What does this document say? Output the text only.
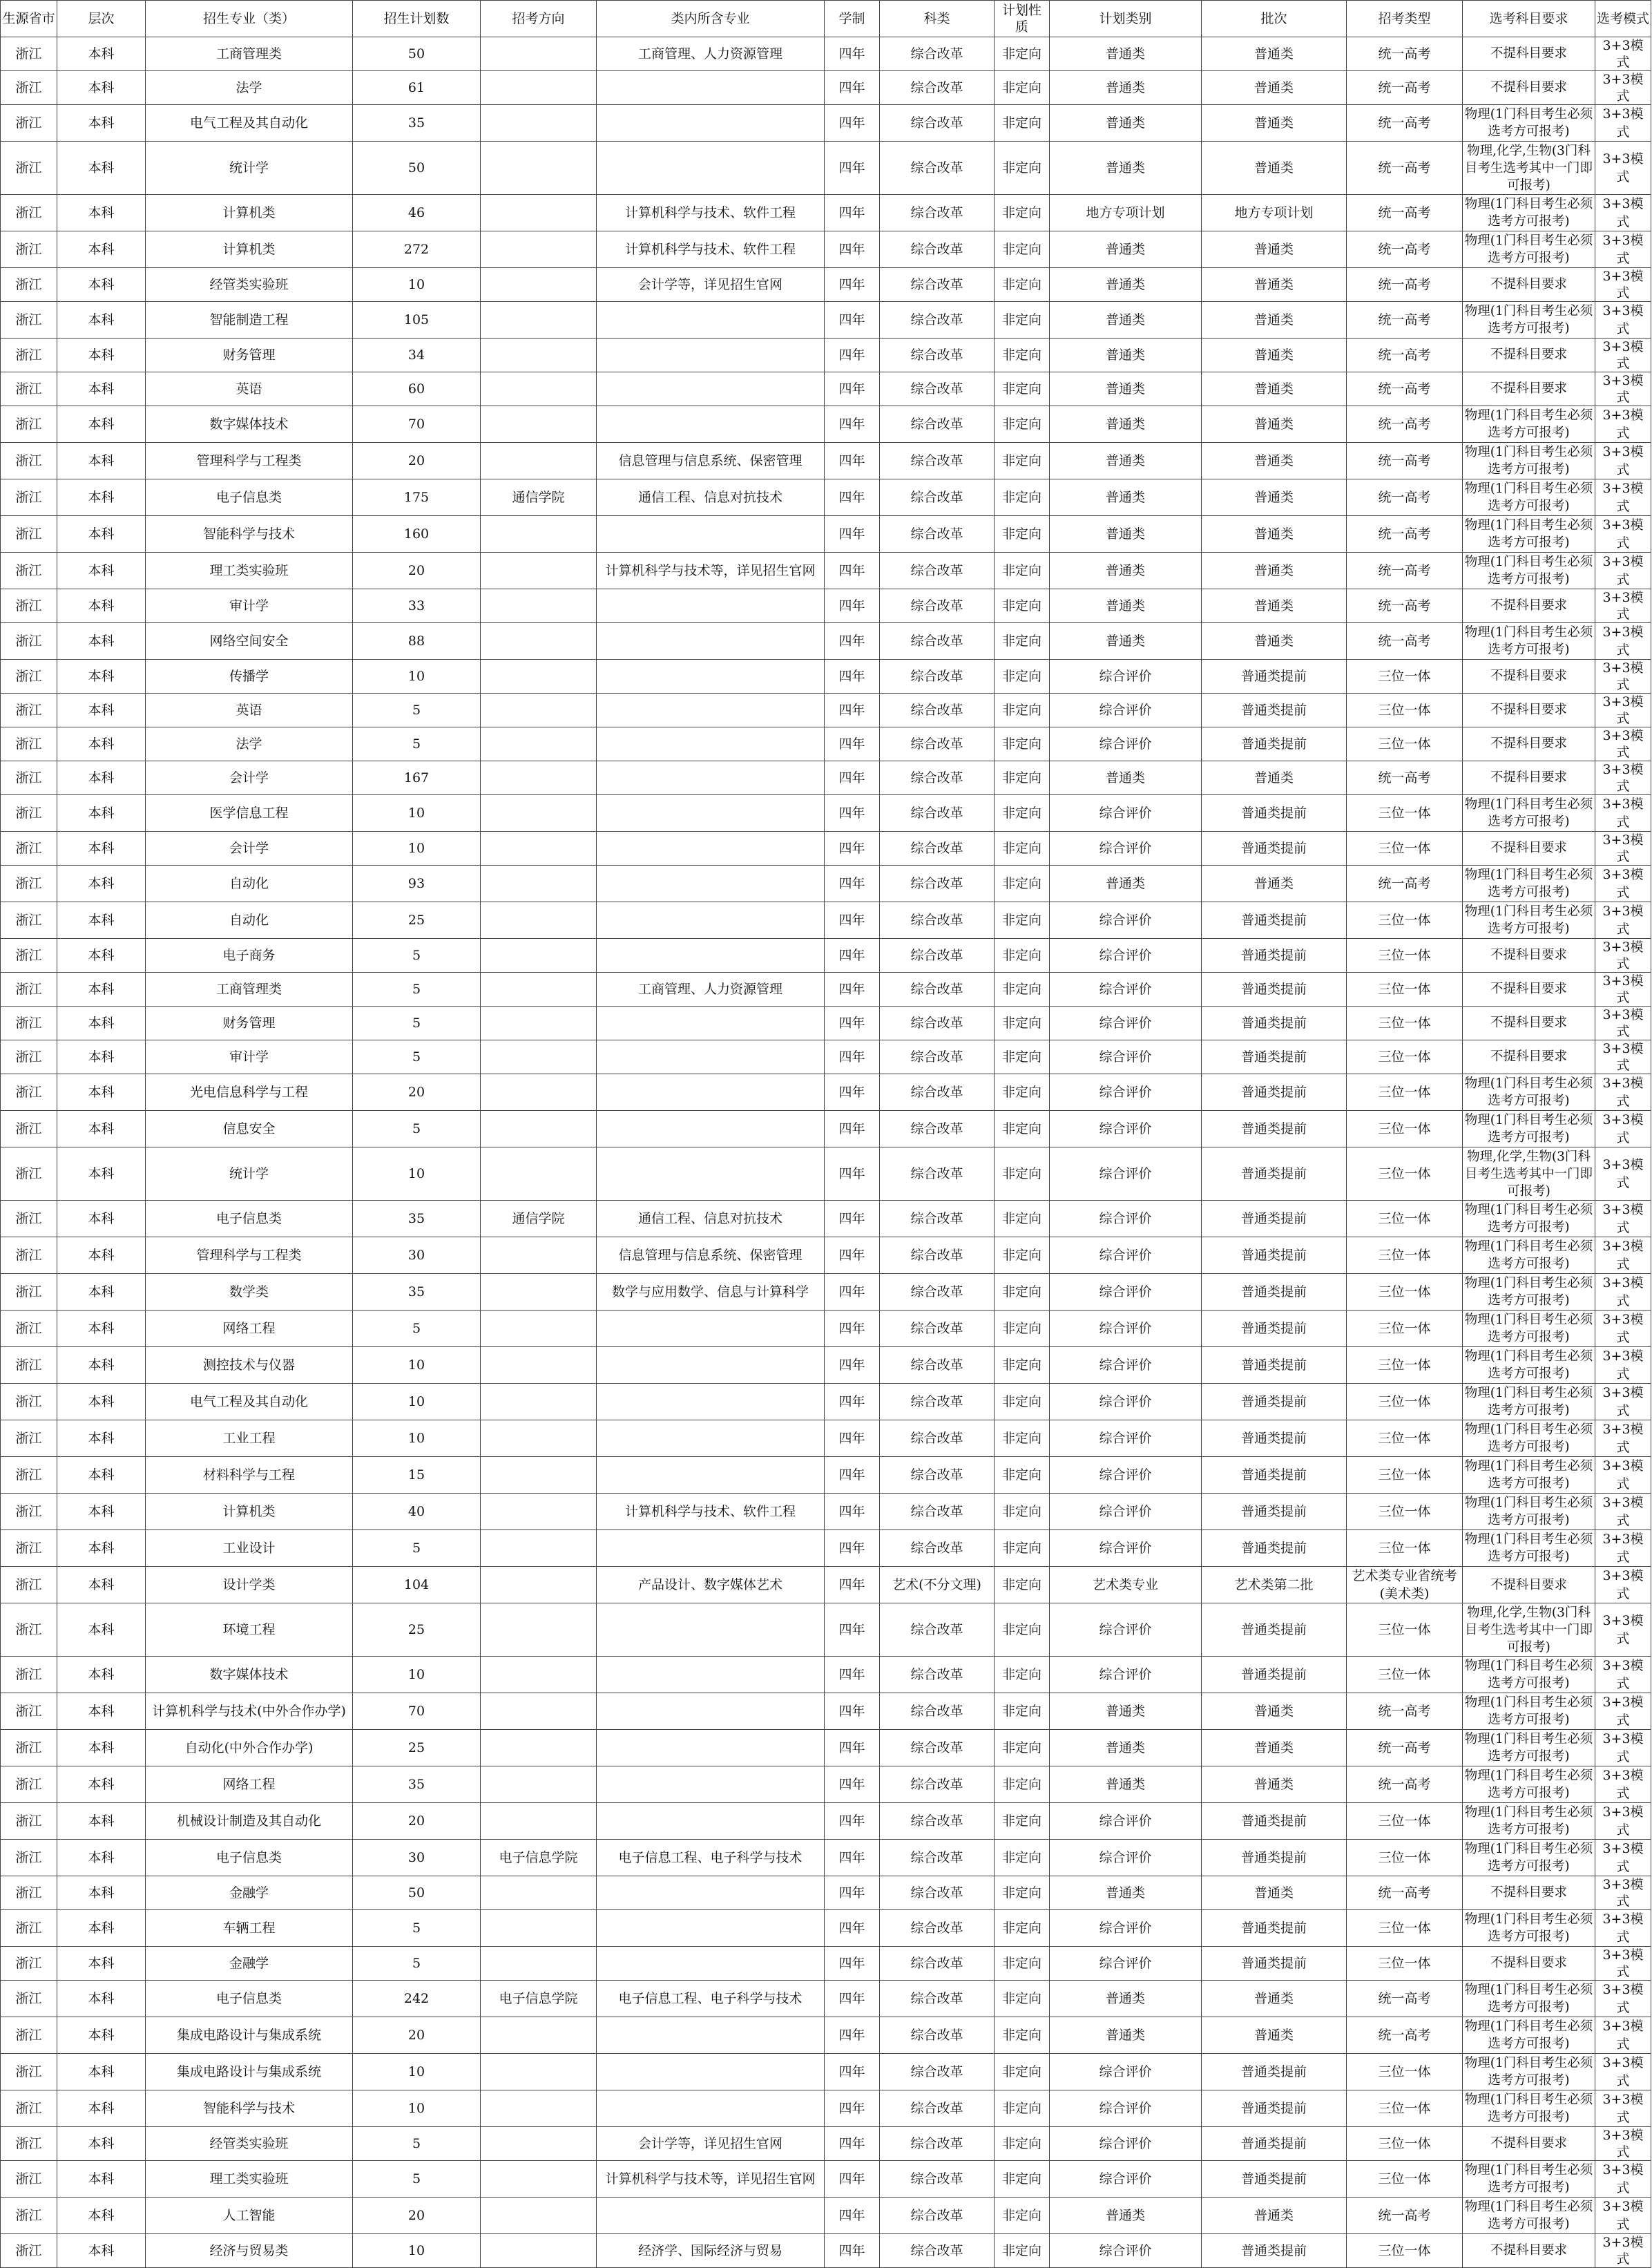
生源省市	层次	招生专业（类）	招生计划数	招考方向	类内所含专业	学制	科类	计划性质	计划类别	批次	招考类型	选考科目要求	选考模式
浙江	本科	工商管理类	50		工商管理、人力资源管理	四年	综合改革	非定向	普通类	普通类	统一高考	不提科目要求	3+3模式
浙江	本科	法学	61			四年	综合改革	非定向	普通类	普通类	统一高考	不提科目要求	3+3模式
浙江	本科	电气工程及其自动化	35			四年	综合改革	非定向	普通类	普通类	统一高考	物理(1门科目考生必须选考方可报考)	3+3模式
浙江	本科	统计学	50			四年	综合改革	非定向	普通类	普通类	统一高考	物理,化学,生物(3门科目考生选考其中一门即可报考)	3+3模式
浙江	本科	计算机类	46		计算机科学与技术、软件工程	四年	综合改革	非定向	地方专项计划	地方专项计划	统一高考	物理(1门科目考生必须选考方可报考)	3+3模式
浙江	本科	计算机类	272		计算机科学与技术、软件工程	四年	综合改革	非定向	普通类	普通类	统一高考	物理(1门科目考生必须选考方可报考)	3+3模式
浙江	本科	经管类实验班	10		会计学等，详见招生官网	四年	综合改革	非定向	普通类	普通类	统一高考	不提科目要求	3+3模式
浙江	本科	智能制造工程	105			四年	综合改革	非定向	普通类	普通类	统一高考	物理(1门科目考生必须选考方可报考)	3+3模式
浙江	本科	财务管理	34			四年	综合改革	非定向	普通类	普通类	统一高考	不提科目要求	3+3模式
浙江	本科	英语	60			四年	综合改革	非定向	普通类	普通类	统一高考	不提科目要求	3+3模式
浙江	本科	数字媒体技术	70			四年	综合改革	非定向	普通类	普通类	统一高考	物理(1门科目考生必须选考方可报考)	3+3模式
浙江	本科	管理科学与工程类	20		信息管理与信息系统、保密管理	四年	综合改革	非定向	普通类	普通类	统一高考	物理(1门科目考生必须选考方可报考)	3+3模式
浙江	本科	电子信息类	175	通信学院	通信工程、信息对抗技术	四年	综合改革	非定向	普通类	普通类	统一高考	物理(1门科目考生必须选考方可报考)	3+3模式
浙江	本科	智能科学与技术	160			四年	综合改革	非定向	普通类	普通类	统一高考	物理(1门科目考生必须选考方可报考)	3+3模式
浙江	本科	理工类实验班	20		计算机科学与技术等，详见招生官网	四年	综合改革	非定向	普通类	普通类	统一高考	物理(1门科目考生必须选考方可报考)	3+3模式
浙江	本科	审计学	33			四年	综合改革	非定向	普通类	普通类	统一高考	不提科目要求	3+3模式
浙江	本科	网络空间安全	88			四年	综合改革	非定向	普通类	普通类	统一高考	物理(1门科目考生必须选考方可报考)	3+3模式
浙江	本科	传播学	10			四年	综合改革	非定向	综合评价	普通类提前	三位一体	不提科目要求	3+3模式
浙江	本科	英语	5			四年	综合改革	非定向	综合评价	普通类提前	三位一体	不提科目要求	3+3模式
浙江	本科	法学	5			四年	综合改革	非定向	综合评价	普通类提前	三位一体	不提科目要求	3+3模式
浙江	本科	会计学	167			四年	综合改革	非定向	普通类	普通类	统一高考	不提科目要求	3+3模式
浙江	本科	医学信息工程	10			四年	综合改革	非定向	综合评价	普通类提前	三位一体	物理(1门科目考生必须选考方可报考)	3+3模式
浙江	本科	会计学	10			四年	综合改革	非定向	综合评价	普通类提前	三位一体	不提科目要求	3+3模式
浙江	本科	自动化	93			四年	综合改革	非定向	普通类	普通类	统一高考	物理(1门科目考生必须选考方可报考)	3+3模式
浙江	本科	自动化	25			四年	综合改革	非定向	综合评价	普通类提前	三位一体	物理(1门科目考生必须选考方可报考)	3+3模式
浙江	本科	电子商务	5			四年	综合改革	非定向	综合评价	普通类提前	三位一体	不提科目要求	3+3模式
浙江	本科	工商管理类	5		工商管理、人力资源管理	四年	综合改革	非定向	综合评价	普通类提前	三位一体	不提科目要求	3+3模式
浙江	本科	财务管理	5			四年	综合改革	非定向	综合评价	普通类提前	三位一体	不提科目要求	3+3模式
浙江	本科	审计学	5			四年	综合改革	非定向	综合评价	普通类提前	三位一体	不提科目要求	3+3模式
浙江	本科	光电信息科学与工程	20			四年	综合改革	非定向	综合评价	普通类提前	三位一体	物理(1门科目考生必须选考方可报考)	3+3模式
浙江	本科	信息安全	5			四年	综合改革	非定向	综合评价	普通类提前	三位一体	物理(1门科目考生必须选考方可报考)	3+3模式
浙江	本科	统计学	10			四年	综合改革	非定向	综合评价	普通类提前	三位一体	物理,化学,生物(3门科目考生选考其中一门即可报考)	3+3模式
浙江	本科	电子信息类	35	通信学院	通信工程、信息对抗技术	四年	综合改革	非定向	综合评价	普通类提前	三位一体	物理(1门科目考生必须选考方可报考)	3+3模式
浙江	本科	管理科学与工程类	30		信息管理与信息系统、保密管理	四年	综合改革	非定向	综合评价	普通类提前	三位一体	物理(1门科目考生必须选考方可报考)	3+3模式
浙江	本科	数学类	35		数学与应用数学、信息与计算科学	四年	综合改革	非定向	综合评价	普通类提前	三位一体	物理(1门科目考生必须选考方可报考)	3+3模式
浙江	本科	网络工程	5			四年	综合改革	非定向	综合评价	普通类提前	三位一体	物理(1门科目考生必须选考方可报考)	3+3模式
浙江	本科	测控技术与仪器	10			四年	综合改革	非定向	综合评价	普通类提前	三位一体	物理(1门科目考生必须选考方可报考)	3+3模式
浙江	本科	电气工程及其自动化	10			四年	综合改革	非定向	综合评价	普通类提前	三位一体	物理(1门科目考生必须选考方可报考)	3+3模式
浙江	本科	工业工程	10			四年	综合改革	非定向	综合评价	普通类提前	三位一体	物理(1门科目考生必须选考方可报考)	3+3模式
浙江	本科	材料科学与工程	15			四年	综合改革	非定向	综合评价	普通类提前	三位一体	物理(1门科目考生必须选考方可报考)	3+3模式
浙江	本科	计算机类	40		计算机科学与技术、软件工程	四年	综合改革	非定向	综合评价	普通类提前	三位一体	物理(1门科目考生必须选考方可报考)	3+3模式
浙江	本科	工业设计	5			四年	综合改革	非定向	综合评价	普通类提前	三位一体	物理(1门科目考生必须选考方可报考)	3+3模式
浙江	本科	设计学类	104		产品设计、数字媒体艺术	四年	艺术(不分文理)	非定向	艺术类专业	艺术类第二批	艺术类专业省统考(美术类)	不提科目要求	3+3模式
浙江	本科	环境工程	25			四年	综合改革	非定向	综合评价	普通类提前	三位一体	物理,化学,生物(3门科目考生选考其中一门即可报考)	3+3模式
浙江	本科	数字媒体技术	10			四年	综合改革	非定向	综合评价	普通类提前	三位一体	物理(1门科目考生必须选考方可报考)	3+3模式
浙江	本科	计算机科学与技术(中外合作办学)	70			四年	综合改革	非定向	普通类	普通类	统一高考	物理(1门科目考生必须选考方可报考)	3+3模式
浙江	本科	自动化(中外合作办学)	25			四年	综合改革	非定向	普通类	普通类	统一高考	物理(1门科目考生必须选考方可报考)	3+3模式
浙江	本科	网络工程	35			四年	综合改革	非定向	普通类	普通类	统一高考	物理(1门科目考生必须选考方可报考)	3+3模式
浙江	本科	机械设计制造及其自动化	20			四年	综合改革	非定向	综合评价	普通类提前	三位一体	物理(1门科目考生必须选考方可报考)	3+3模式
浙江	本科	电子信息类	30	电子信息学院	电子信息工程、电子科学与技术	四年	综合改革	非定向	综合评价	普通类提前	三位一体	物理(1门科目考生必须选考方可报考)	3+3模式
浙江	本科	金融学	50			四年	综合改革	非定向	普通类	普通类	统一高考	不提科目要求	3+3模式
浙江	本科	车辆工程	5			四年	综合改革	非定向	综合评价	普通类提前	三位一体	物理(1门科目考生必须选考方可报考)	3+3模式
浙江	本科	金融学	5			四年	综合改革	非定向	综合评价	普通类提前	三位一体	不提科目要求	3+3模式
浙江	本科	电子信息类	242	电子信息学院	电子信息工程、电子科学与技术	四年	综合改革	非定向	普通类	普通类	统一高考	物理(1门科目考生必须选考方可报考)	3+3模式
浙江	本科	集成电路设计与集成系统	20			四年	综合改革	非定向	普通类	普通类	统一高考	物理(1门科目考生必须选考方可报考)	3+3模式
浙江	本科	集成电路设计与集成系统	10			四年	综合改革	非定向	综合评价	普通类提前	三位一体	物理(1门科目考生必须选考方可报考)	3+3模式
浙江	本科	智能科学与技术	10			四年	综合改革	非定向	综合评价	普通类提前	三位一体	物理(1门科目考生必须选考方可报考)	3+3模式
浙江	本科	经管类实验班	5		会计学等，详见招生官网	四年	综合改革	非定向	综合评价	普通类提前	三位一体	不提科目要求	3+3模式
浙江	本科	理工类实验班	5		计算机科学与技术等，详见招生官网	四年	综合改革	非定向	综合评价	普通类提前	三位一体	物理(1门科目考生必须选考方可报考)	3+3模式
浙江	本科	人工智能	20			四年	综合改革	非定向	普通类	普通类	统一高考	物理(1门科目考生必须选考方可报考)	3+3模式
浙江	本科	经济与贸易类	10		经济学、国际经济与贸易	四年	综合改革	非定向	综合评价	普通类提前	三位一体	不提科目要求	3+3模式
